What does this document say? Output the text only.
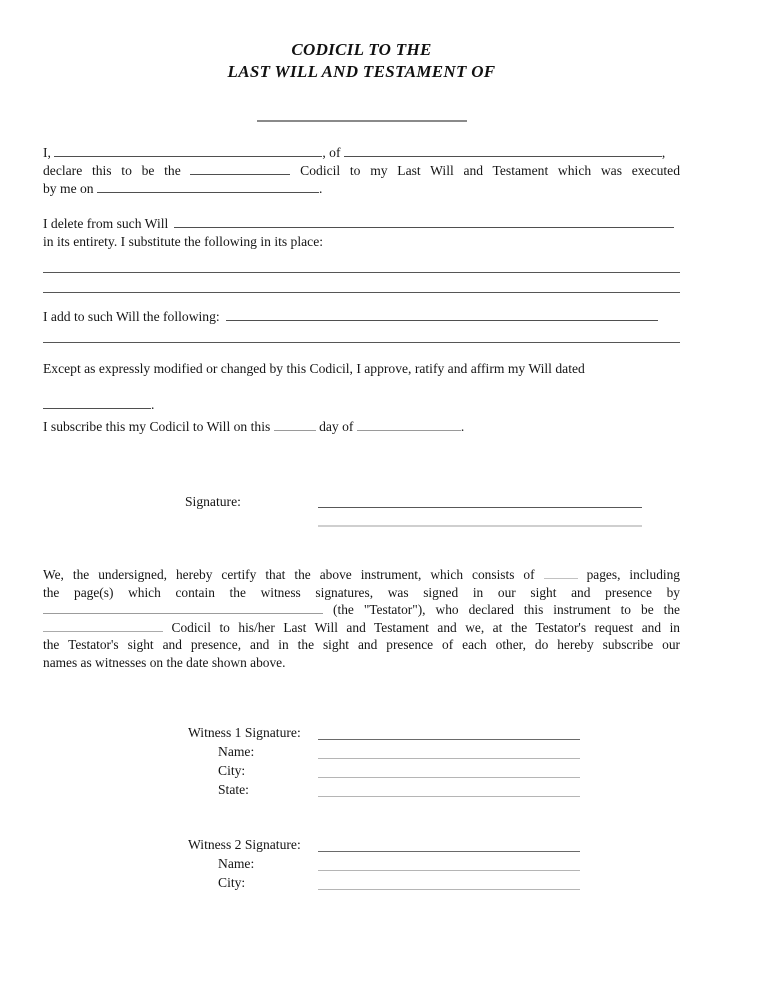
CODICIL TO THE
LAST WILL AND TESTAMENT OF
I,	, of	,
declare this to be the	Codicil to my Last Will and Testament which was executed
by me on	.
I delete from such Will
in its entirety. I substitute the following in its place:
I add to such Will the following:
Except as expressly modified or changed by this Codicil, I approve, ratify and affirm my Will dated
.
I subscribe this my Codicil to Will on this	day of	.
Signature:
We, the undersigned, hereby certify that the above instrument, which consists of	pages, including
the page(s) which contain the witness signatures, was signed in our sight and presence by
(the "Testator"), who declared this instrument to be the
Codicil to his/her Last Will and Testament and we, at the Testator's request and in
the Testator's sight and presence, and in the sight and presence of each other, do hereby subscribe our
names as witnesses on the date shown above.
Witness 1 Signature:
Name:
City:
State:
Witness 2 Signature:
Name:
City:
